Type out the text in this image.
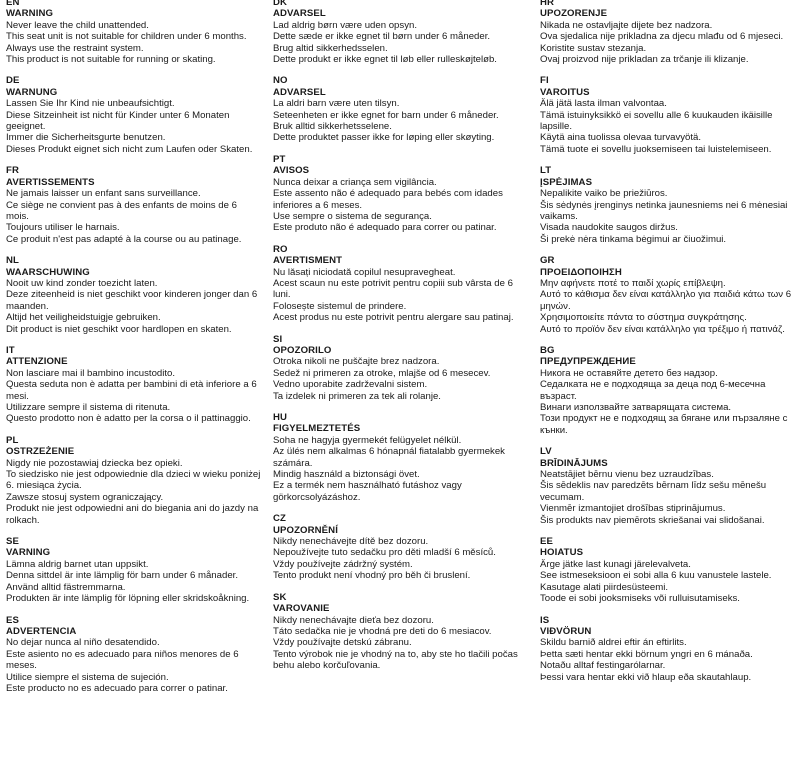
EN
WARNING
Never leave the child unattended.
This seat unit is not suitable for children under 6 months.
Always use the restraint system.
This product is not suitable for running or skating.
DE
WARNUNG
Lassen Sie Ihr Kind nie unbeaufsichtigt.
Diese Sitzeinheit ist nicht für Kinder unter 6 Monaten geeignet.
Immer die Sicherheitsgurte benutzen.
Dieses Produkt eignet sich nicht zum Laufen oder Skaten.
FR
AVERTISSEMENTS
Ne jamais laisser un enfant sans surveillance.
Ce siège ne convient pas à des enfants de moins de 6 mois.
Toujours utiliser le harnais.
Ce produit n'est pas adapté à la course ou au patinage.
NL
WAARSCHUWING
Nooit uw kind zonder toezicht laten.
Deze ziteenheid is niet geschikt voor kinderen jonger dan 6 maanden.
Altijd het veiligheidstuigje gebruiken.
Dit product is niet geschikt voor hardlopen en skaten.
IT
ATTENZIONE
Non lasciare mai il bambino incustodito.
Questa seduta non è adatta per bambini di età inferiore a 6 mesi.
Utilizzare sempre il sistema di ritenuta.
Questo prodotto non è adatto per la corsa o il pattinaggio.
PL
OSTRZEŻENIE
Nigdy nie pozostawiaj dziecka bez opieki.
To siedzisko nie jest odpowiednie dla dzieci w wieku poniżej 6. miesiąca życia.
Zawsze stosuj system ograniczający.
Produkt nie jest odpowiedni ani do biegania ani do jazdy na rolkach.
SE
VARNING
Lämna aldrig barnet utan uppsikt.
Denna sittdel är inte lämplig för barn under 6 månader.
Använd alltid fästremmarna.
Produkten är inte lämplig för löpning eller skridskoåkning.
ES
ADVERTENCIA
No dejar nunca al niño desatendido.
Este asiento no es adecuado para niños menores de 6 meses.
Utilice siempre el sistema de sujeción.
Este producto no es adecuado para correr o patinar.
DK
ADVARSEL
Lad aldrig børn være uden opsyn.
Dette sæde er ikke egnet til børn under 6 måneder.
Brug altid sikkerhedsselen.
Dette produkt er ikke egnet til løb eller rulleskøjteløb.
NO
ADVARSEL
La aldri barn være uten tilsyn.
Seteenheten er ikke egnet for barn under 6 måneder.
Bruk alltid sikkerhetsselene.
Dette produktet passer ikke for løping eller skøyting.
PT
AVISOS
Nunca deixar a criança sem vigilância.
Este assento não é adequado para bebés com idades inferiores a 6 meses.
Use sempre o sistema de segurança.
Este produto não é adequado para correr ou patinar.
RO
AVERTISMENT
Nu lăsați niciodată copilul nesupravegheat.
Acest scaun nu este potrivit pentru copiii sub vârsta de 6 luni.
Folosește sistemul de prindere.
Acest produs nu este potrivit pentru alergare sau patinaj.
SI
OPOZORILO
Otroka nikoli ne puščajte brez nadzora.
Sedež ni primeren za otroke, mlajše od 6 mesecev.
Vedno uporabite zadrževalni sistem.
Ta izdelek ni primeren za tek ali rolanje.
HU
FIGYELMEZTETÉS
Soha ne hagyja gyermekét felügyelet nélkül.
Az ülés nem alkalmas 6 hónapnál fiatalabb gyermekek számára.
Mindig használd a biztonsági övet.
Ez a termék nem használható futáshoz vagy görkorcsolyázáshoz.
CZ
UPOZORNĚNÍ
Nikdy nenechávejte dítě bez dozoru.
Nepoužívejte tuto sedačku pro děti mladší 6 měsíců.
Vždy používejte zádržný systém.
Tento produkt není vhodný pro běh či bruslení.
SK
VAROVANIE
Nikdy nenechávajte dieťa bez dozoru.
Táto sedačka nie je vhodná pre deti do 6 mesiacov.
Vždy používajte detskú zábranu.
Tento výrobok nie je vhodný na to, aby ste ho tlačili počas behu alebo korčuľovania.
HR
UPOZORENJE
Nikada ne ostavljajte dijete bez nadzora.
Ova sjedalica nije prikladna za djecu mlađu od 6 mjeseci.
Koristite sustav stezanja.
Ovaj proizvod nije prikladan za trčanje ili klizanje.
FI
VAROITUS
Älä jätä lasta ilman valvontaa.
Tämä istuinyksikkö ei sovellu alle 6 kuukauden ikäisille lapsille.
Käytä aina tuolissa olevaa turvavyötä.
Tämä tuote ei sovellu juoksemiseen tai luistelemiseen.
LT
ĮSPĖJIMAS
Nepalikite vaiko be priežiūros.
Šis sėdynės įrenginys netinka jaunesniems nei 6 mėnesiai vaikams.
Visada naudokite saugos diržus.
Ši prekė nėra tinkama bėgimui ar čiuožimui.
GR
ΠΡΟΕΙΔΟΠΟΙΗΣΗ
Μην αφήνετε ποτέ το παιδί χωρίς επίβλεψη.
Αυτό το κάθισμα δεν είναι κατάλληλο για παιδιά κάτω των 6 μηνών.
Χρησιμοποιείτε πάντα το σύστημα συγκράτησης.
Αυτό το προϊόν δεν είναι κατάλληλο για τρέξιμο ή πατινάζ.
BG
ПРЕДУПРЕЖДЕНИЕ
Никога не оставяйте детето без надзор.
Седалката не е подходяща за деца под 6-месечна възраст.
Винаги използвайте затварящата система.
Този продукт не е подходящ за бягане или пързаляне с кънки.
LV
BRĪDINĀJUMS
Neatstājiet bērnu vienu bez uzraudzības.
Šis sēdeklis nav paredzēts bērnam līdz sešu mēnešu vecumam.
Vienmēr izmantojiet drošības stiprinājumus.
Šis produkts nav piemērots skriešanai vai slidošanai.
EE
HOIATUS
Ärge jätke last kunagi järelevalveta.
See istmeseksioon ei sobi alla 6 kuu vanustele lastele.
Kasutage alati piirdesüsteemi.
Toode ei sobi jooksmiseks või rulluisutamiseks.
IS
VIÐVÖRUN
Skildu barnið aldrei eftir án eftirlits.
Þetta sæti hentar ekki börnum yngri en 6 mánaða.
Notaðu alltaf festingarólarnar.
Þessi vara hentar ekki við hlaup eða skautahlaup.
